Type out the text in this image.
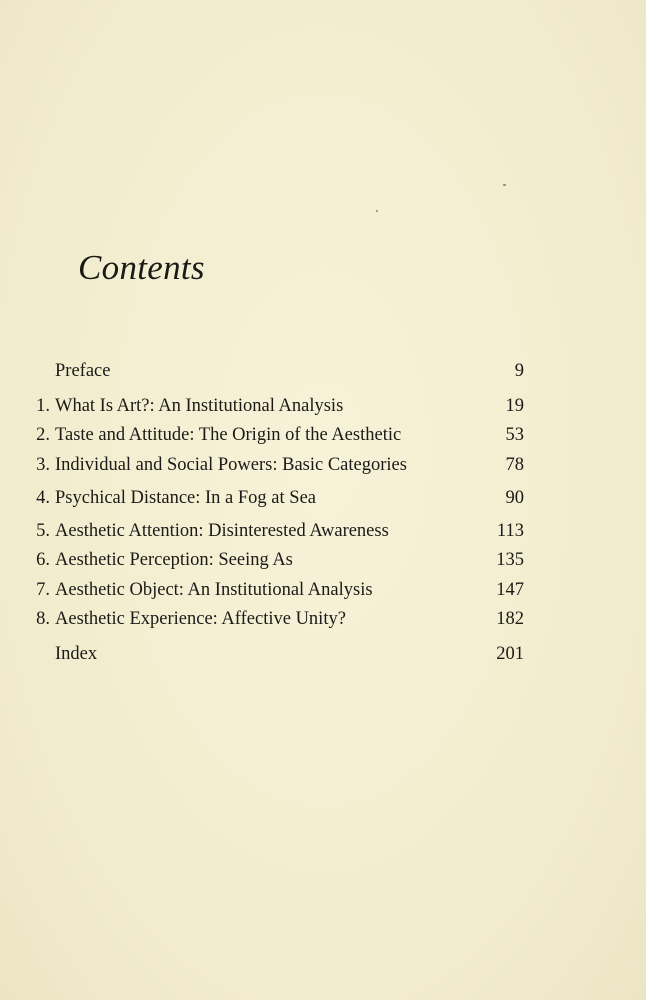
Contents
Preface	9
1. What Is Art?: An Institutional Analysis	19
2. Taste and Attitude: The Origin of the Aesthetic	53
3. Individual and Social Powers: Basic Categories	78
4. Psychical Distance: In a Fog at Sea	90
5. Aesthetic Attention: Disinterested Awareness	113
6. Aesthetic Perception: Seeing As	135
7. Aesthetic Object: An Institutional Analysis	147
8. Aesthetic Experience: Affective Unity?	182
Index	201
